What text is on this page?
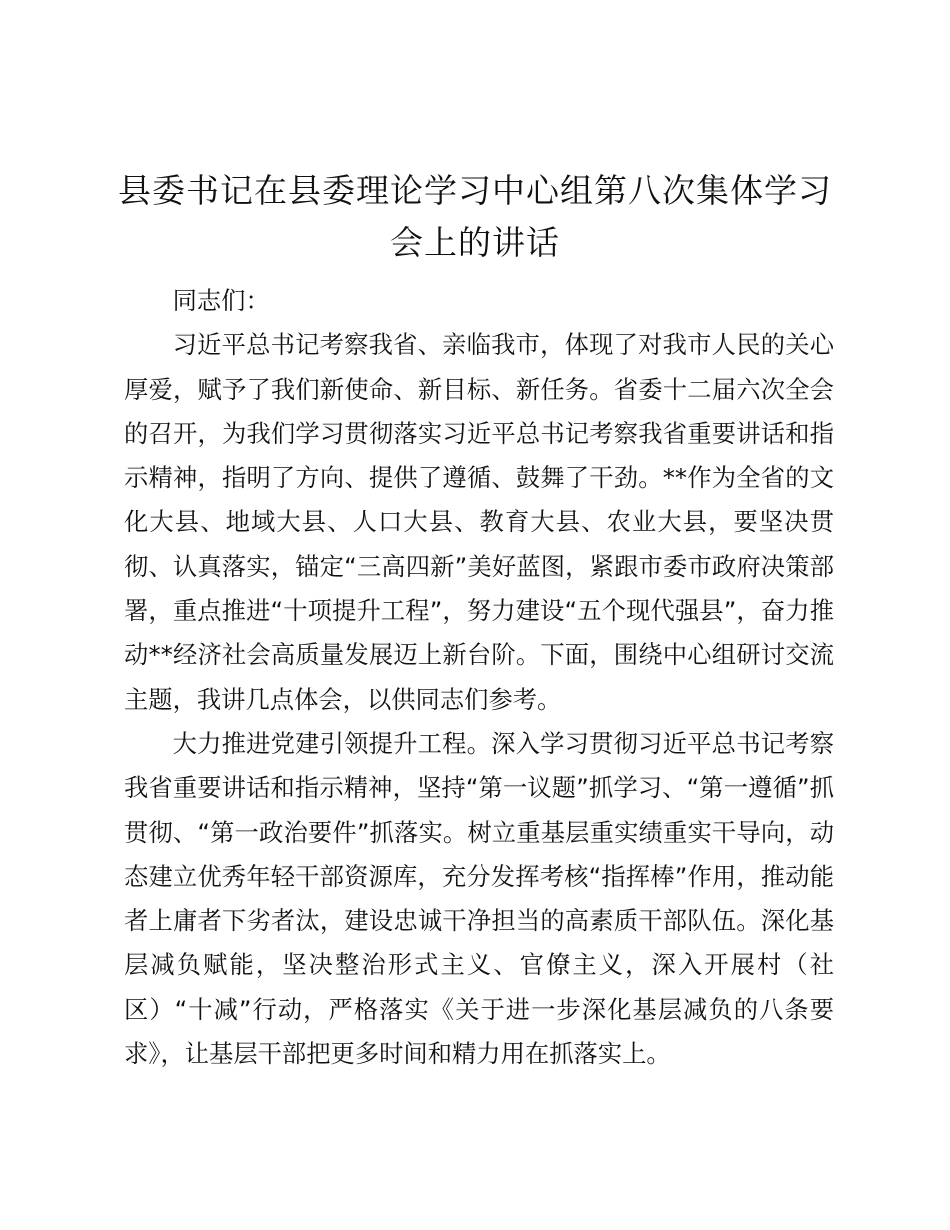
县委书记在县委理论学习中心组第八次集体学习会上的讲话

同志们：

习近平总书记考察我省、亲临我市，体现了对我市人民的关心厚爱，赋予了我们新使命、新目标、新任务。省委十二届六次全会的召开，为我们学习贯彻落实习近平总书记考察我省重要讲话和指示精神，指明了方向、提供了遵循、鼓舞了干劲。**作为全省的文化大县、地域大县、人口大县、教育大县、农业大县，要坚决贯彻、认真落实，锚定“三高四新”美好蓝图，紧跟市委市政府决策部署，重点推进“十项提升工程”，努力建设“五个现代强县”，奋力推动**经济社会高质量发展迈上新台阶。下面，围绕中心组研讨交流主题，我讲几点体会，以供同志们参考。

大力推进党建引领提升工程。深入学习贯彻习近平总书记考察我省重要讲话和指示精神，坚持“第一议题”抓学习、“第一遵循”抓贯彻、“第一政治要件”抓落实。树立重基层重实绩重实干导向，动态建立优秀年轻干部资源库，充分发挥考核“指挥棒”作用，推动能者上庸者下劣者汰，建设忠诚干净担当的高素质干部队伍。深化基层减负赋能，坚决整治形式主义、官僚主义，深入开展村（社区）“十减”行动，严格落实《关于进一步深化基层减负的八条要求》，让基层干部把更多时间和精力用在抓落实上。
